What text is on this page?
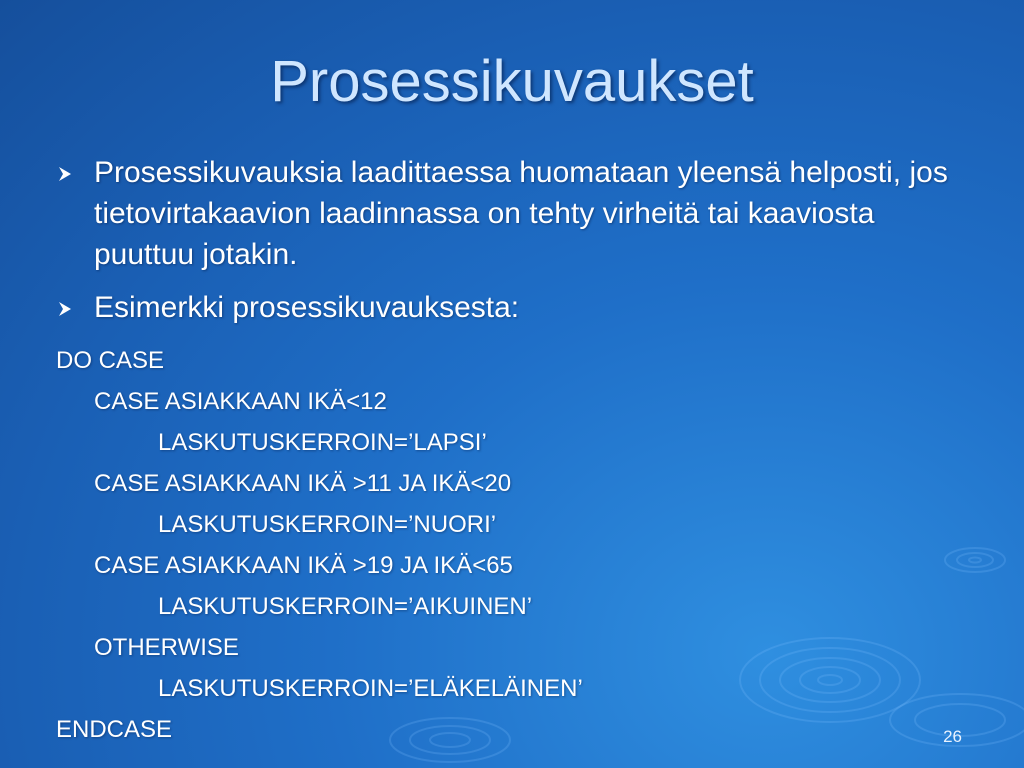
Prosessikuvaukset
Prosessikuvauksia laadittaessa huomataan yleensä helposti, jos tietovirtakaavion laadinnassa on tehty virheitä tai kaaviosta puuttuu jotakin.
Esimerkki prosessikuvauksesta:
DO CASE
CASE ASIAKKAAN IKÄ<12
LASKUTUSKERROIN=’LAPSI’
CASE ASIAKKAAN IKÄ >11 JA IKÄ<20
LASKUTUSKERROIN=’NUORI’
CASE ASIAKKAAN IKÄ >19 JA IKÄ<65
LASKUTUSKERROIN=’AIKUINEN’
OTHERWISE
LASKUTUSKERROIN=’ELÄKELÄINEN’
ENDCASE	26
